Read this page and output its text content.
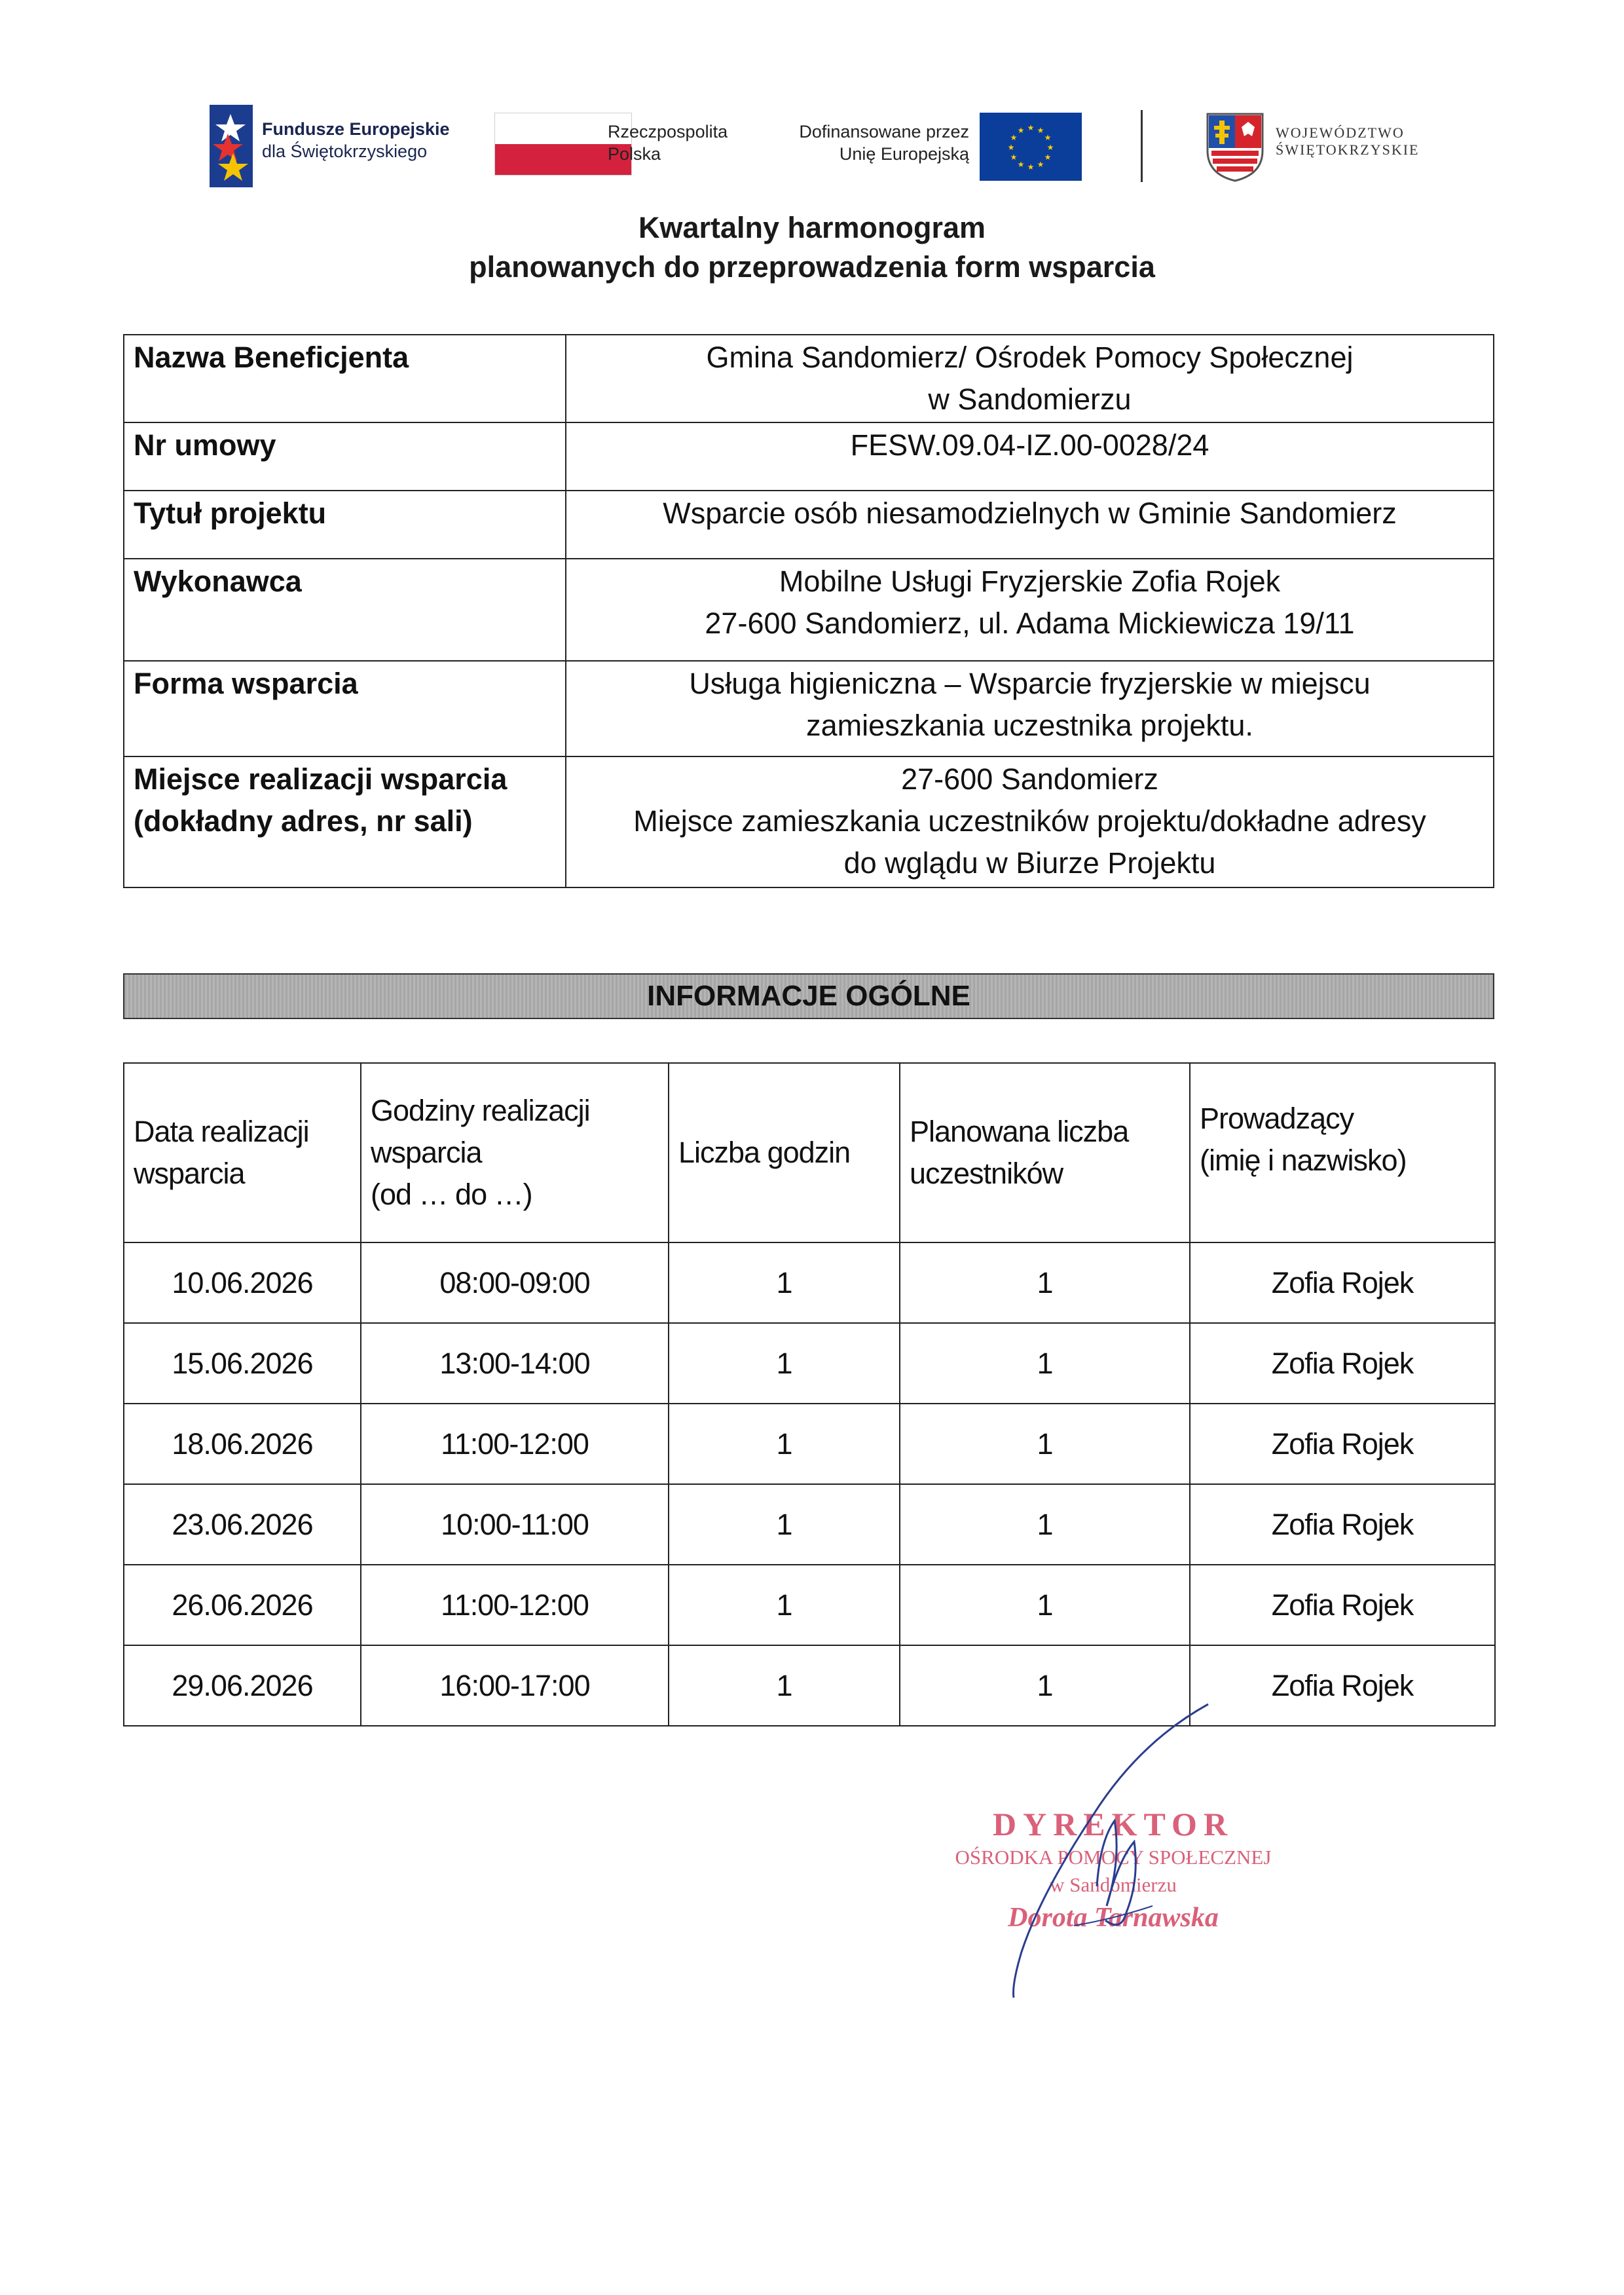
Fundusze Europejskie
dla Świętokrzyskiego
Rzeczpospolita
Polska
Dofinansowane przez
Unię Europejską	★
★
★
★
★
★
★
★
★ ★ ★
★	WOJEWÓDZTWO
ŚWIĘTOKRZYSKIE
Kwartalny harmonogram
planowanych do przeprowadzenia form wsparcia
Nazwa Beneficjenta	Gmina Sandomierz/ Ośrodek Pomocy Społecznej
w Sandomierzu

Nr umowy	FESW.09.04-IZ.00-0028/24

Tytuł projektu	Wsparcie osób niesamodzielnych w Gminie Sandomierz

Wykonawca	Mobilne Usługi Fryzjerskie Zofia Rojek
27-600 Sandomierz, ul. Adama Mickiewicza 19/11

Forma wsparcia	Usługa higieniczna – Wsparcie fryzjerskie w miejscu
zamieszkania uczestnika projektu.

Miejsce realizacji wsparcia
(dokładny adres, nr sali)	27-600 Sandomierz
Miejsce zamieszkania uczestników projektu/dokładne adresy
do wglądu w Biurze Projektu
INFORMACJE OGÓLNE
Data realizacji
wsparcia	Godziny realizacji
wsparcia
(od … do …)	Liczba godzin	Planowana liczba
uczestników	Prowadzący
(imię i nazwisko)

10.06.2026	08:00-09:00	1	1	Zofia Rojek
15.06.2026	13:00-14:00	1	1	Zofia Rojek
18.06.2026	11:00-12:00	1	1	Zofia Rojek
23.06.2026	10:00-11:00	1	1	Zofia Rojek
26.06.2026	11:00-12:00	1	1	Zofia Rojek
29.06.2026	16:00-17:00	1	1	Zofia Rojek
DYREKTOR
OŚRODKA POMOCY SPOŁECZNEJ
w Sandomierzu
Dorota Tarnawska
